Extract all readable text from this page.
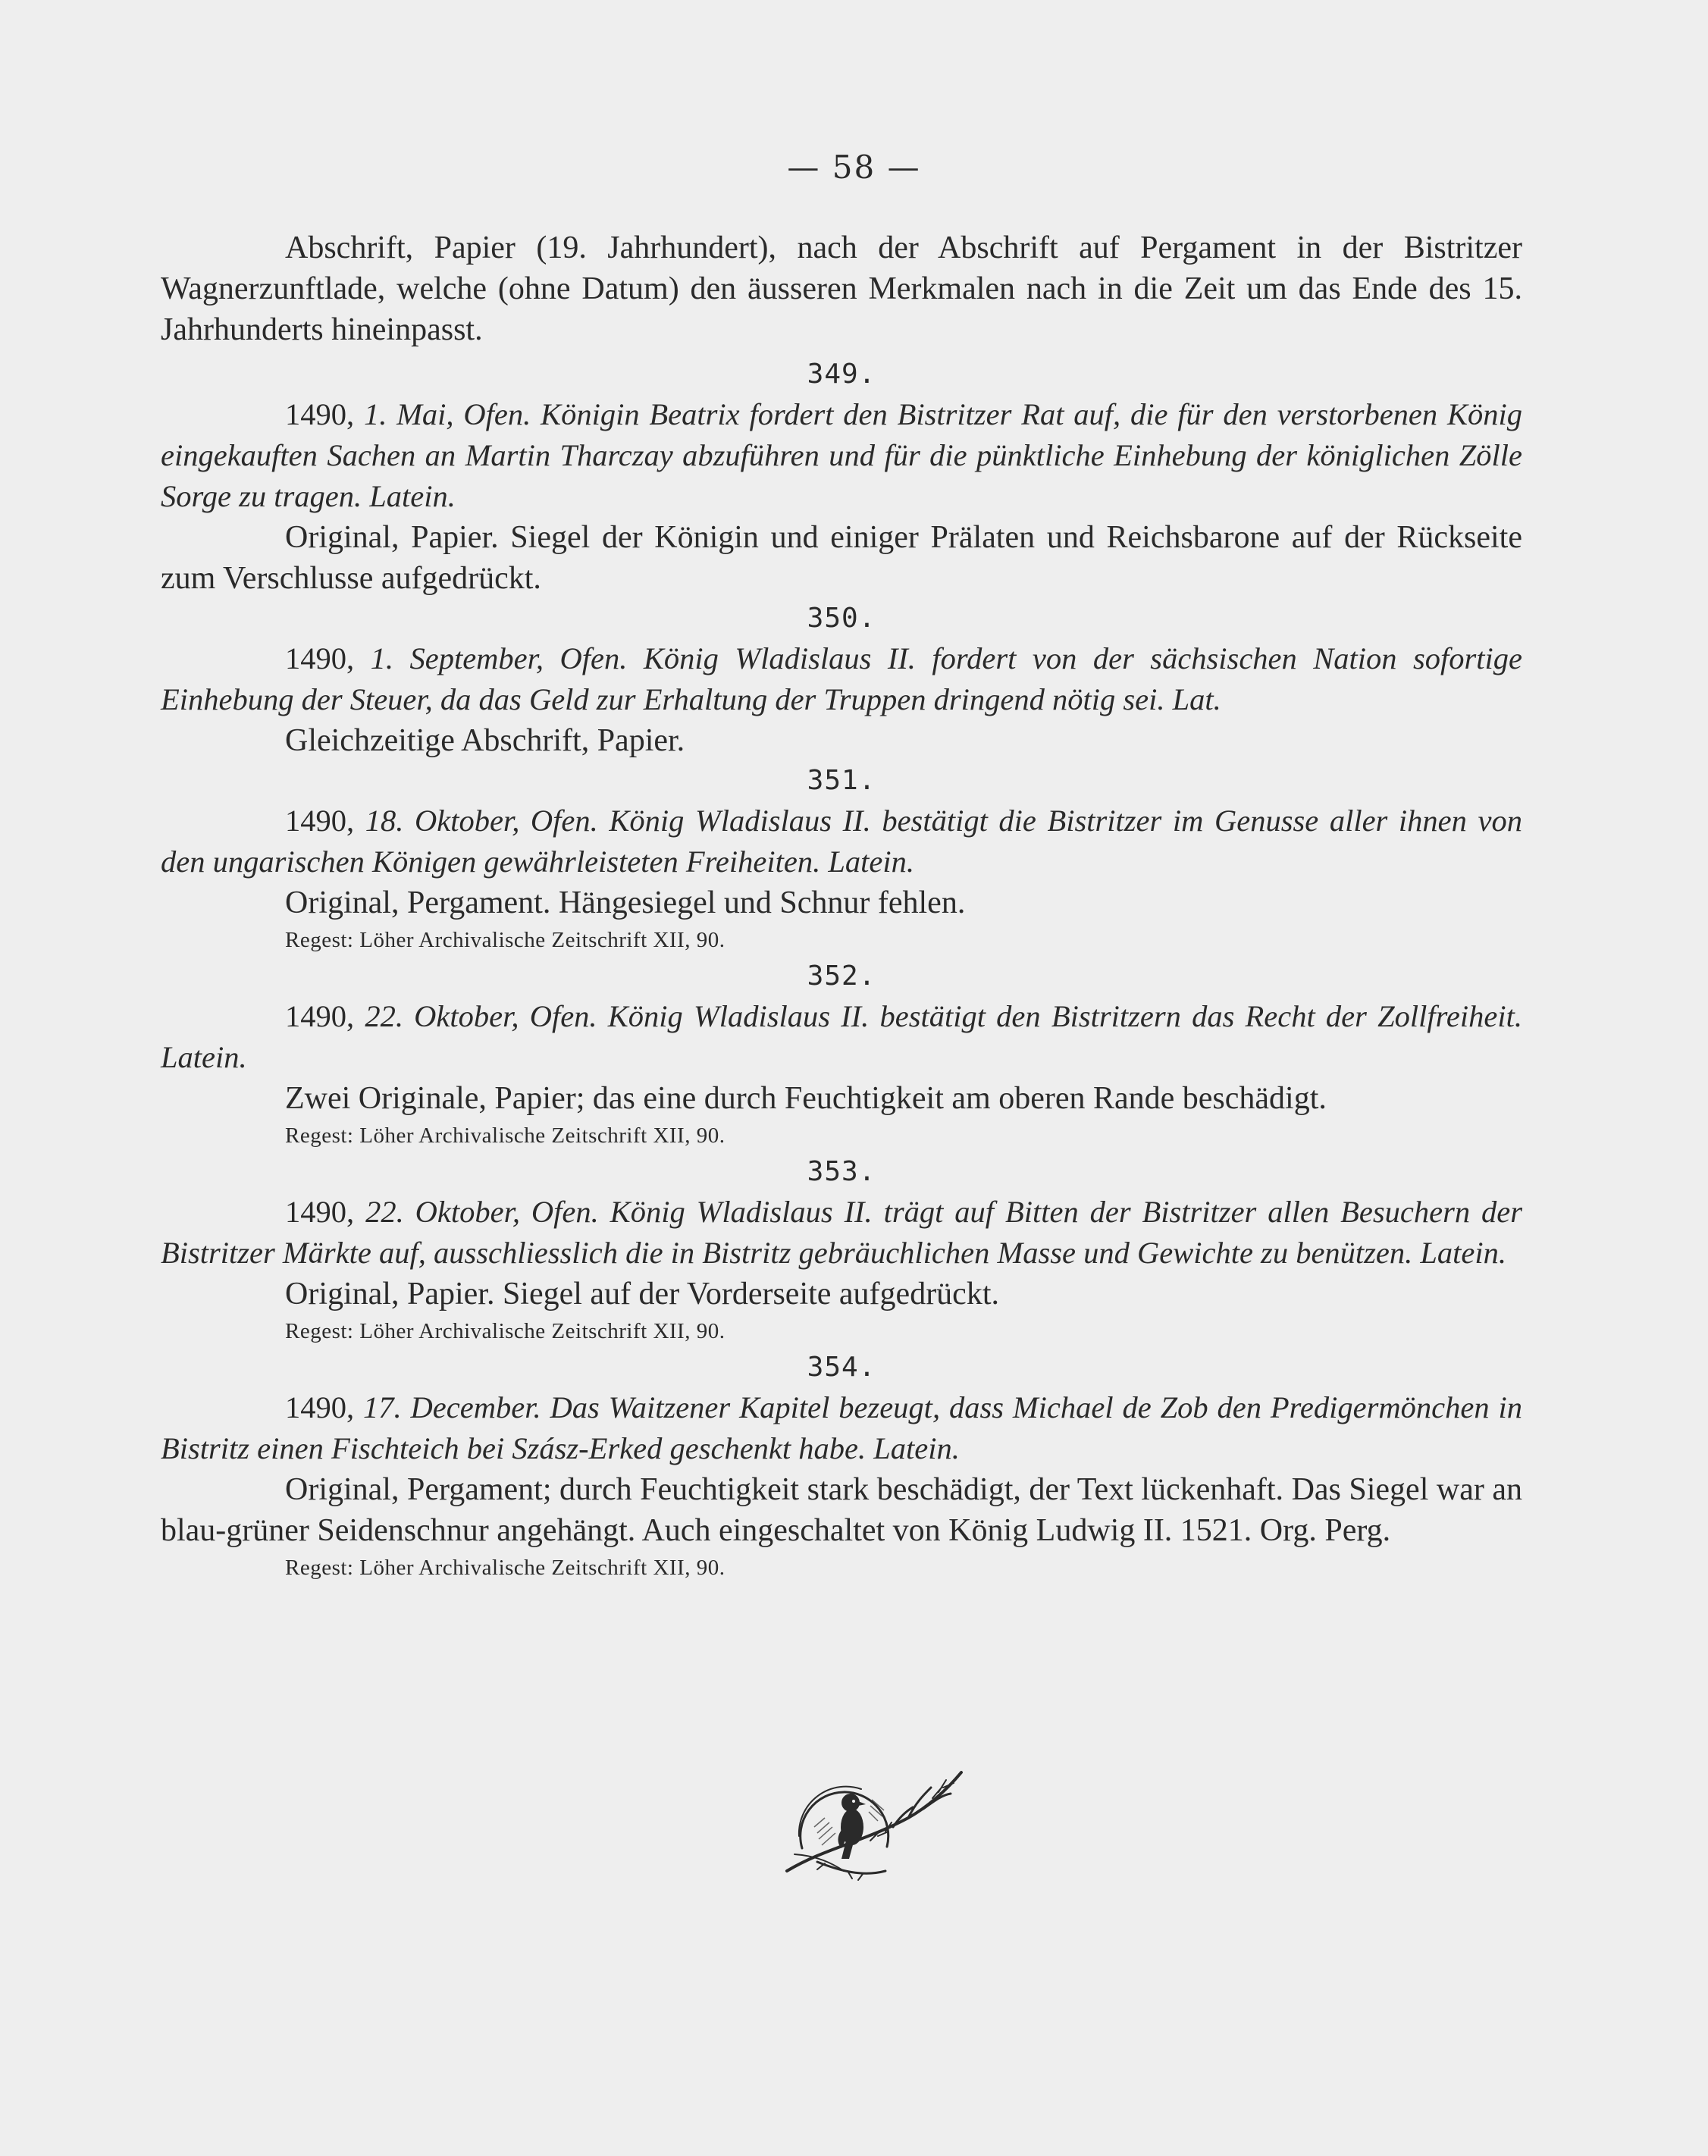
— 58 —

Abschrift, Papier (19. Jahrhundert), nach der Abschrift auf Pergament in der Bistritzer Wagnerzunftlade, welche (ohne Datum) den äusseren Merkmalen nach in die Zeit um das Ende des 15. Jahrhunderts hineinpasst.

349.

1490, 1. Mai, Ofen. Königin Beatrix fordert den Bistritzer Rat auf, die für den verstorbenen König eingekauften Sachen an Martin Tharczay abzuführen und für die pünktliche Einhebung der königlichen Zölle Sorge zu tragen. Latein.

Original, Papier. Siegel der Königin und einiger Prälaten und Reichsbarone auf der Rückseite zum Verschlusse aufgedrückt.

350.

1490, 1. September, Ofen. König Wladislaus II. fordert von der sächsischen Nation sofortige Einhebung der Steuer, da das Geld zur Erhaltung der Truppen dringend nötig sei. Lat.

Gleichzeitige Abschrift, Papier.

351.

1490, 18. Oktober, Ofen. König Wladislaus II. bestätigt die Bistritzer im Genusse aller ihnen von den ungarischen Königen gewährleisteten Freiheiten. Latein.

Original, Pergament. Hängesiegel und Schnur fehlen.

Regest: Löher Archivalische Zeitschrift XII, 90.

352.

1490, 22. Oktober, Ofen. König Wladislaus II. bestätigt den Bistritzern das Recht der Zollfreiheit. Latein.

Zwei Originale, Papier; das eine durch Feuchtigkeit am oberen Rande beschädigt.

Regest: Löher Archivalische Zeitschrift XII, 90.

353.

1490, 22. Oktober, Ofen. König Wladislaus II. trägt auf Bitten der Bistritzer allen Besuchern der Bistritzer Märkte auf, ausschliesslich die in Bistritz gebräuchlichen Masse und Gewichte zu benützen. Latein.

Original, Papier. Siegel auf der Vorderseite aufgedrückt.

Regest: Löher Archivalische Zeitschrift XII, 90.

354.

1490, 17. December. Das Waitzener Kapitel bezeugt, dass Michael de Zob den Predigermönchen in Bistritz einen Fischteich bei Szász-Erked geschenkt habe. Latein.

Original, Pergament; durch Feuchtigkeit stark beschädigt, der Text lückenhaft. Das Siegel war an blau-grüner Seidenschnur angehängt. Auch eingeschaltet von König Ludwig II. 1521. Org. Perg.

Regest: Löher Archivalische Zeitschrift XII, 90.
